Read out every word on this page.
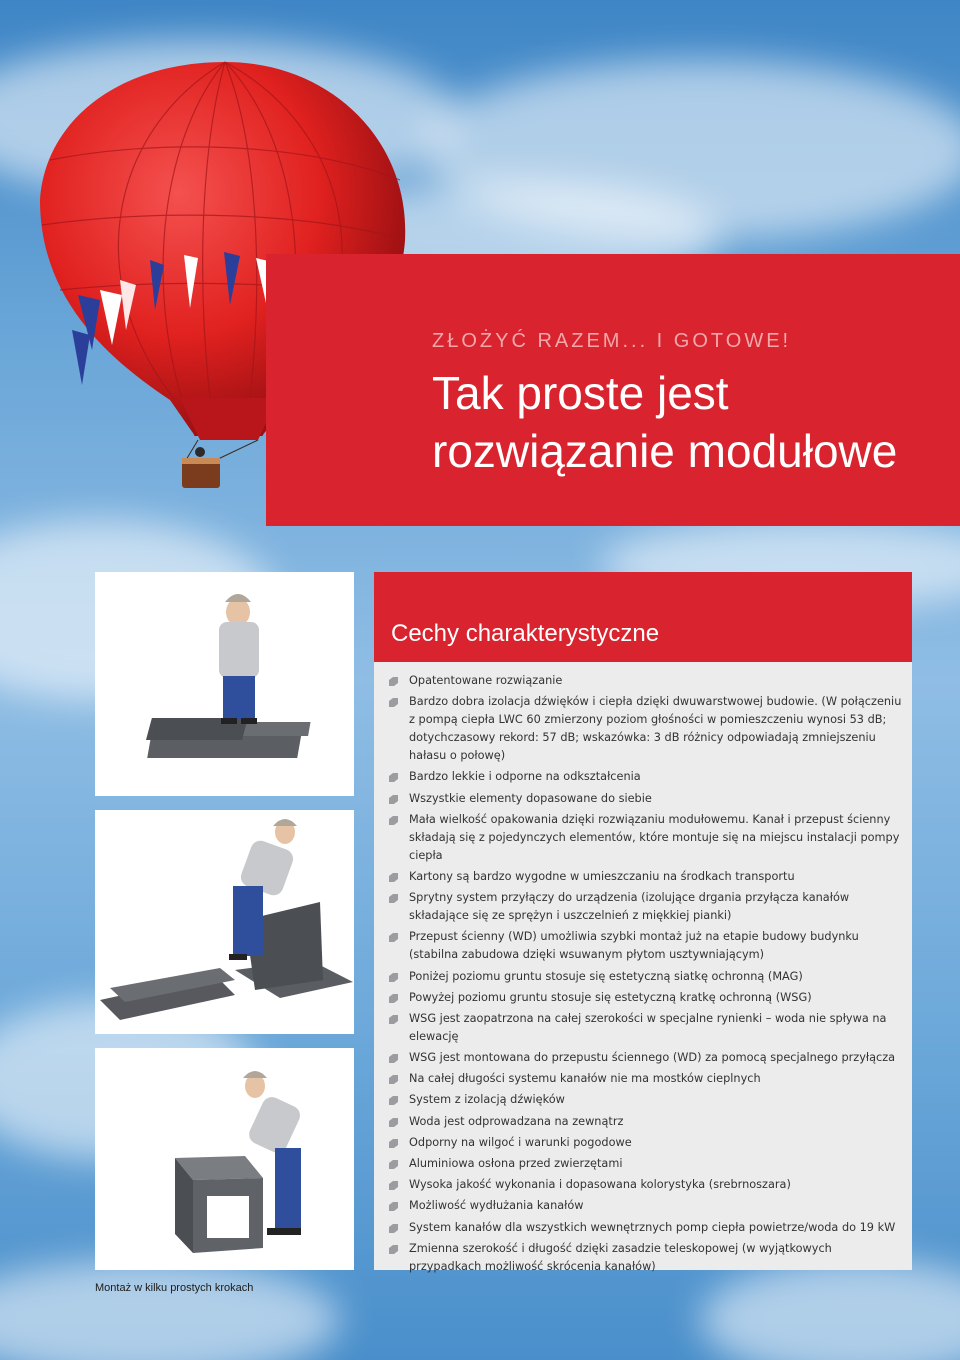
ZŁOŻYĆ RAZEM... I GOTOWE!
Tak proste jest
rozwiązanie modułowe
Montaż w kilku prostych krokach
Cechy charakterystyczne
Opatentowane rozwiązanie
Bardzo dobra izolacja dźwięków i ciepła dzięki dwuwarstwowej budowie. (W połączeniu z pompą ciepła LWC 60 zmierzony poziom głośności w pomieszczeniu wynosi 53 dB; dotychczasowy rekord: 57 dB; wskazówka: 3 dB różnicy odpowiadają zmniejszeniu hałasu o połowę)
Bardzo lekkie i odporne na odkształcenia
Wszystkie elementy dopasowane do siebie
Mała wielkość opakowania dzięki rozwiązaniu modułowemu. Kanał i przepust ścienny składają się z pojedynczych elementów, które montuje się na miejscu instalacji pompy ciepła
Kartony są bardzo wygodne w umieszczaniu na środkach transportu
Sprytny system przyłączy do urządzenia (izolujące drgania przyłącza kanałów składające się ze sprężyn i uszczelnień z miękkiej pianki)
Przepust ścienny (WD) umożliwia szybki montaż już na etapie budowy budynku (stabilna zabudowa dzięki wsuwanym płytom usztywniającym)
Poniżej poziomu gruntu stosuje się estetyczną siatkę ochronną (MAG)
Powyżej poziomu gruntu stosuje się estetyczną kratkę ochronną (WSG)
WSG jest zaopatrzona na całej szerokości w specjalne rynienki – woda nie spływa na elewację
WSG jest montowana do przepustu ściennego (WD) za pomocą specjalnego przyłącza
Na całej długości systemu kanałów nie ma mostków cieplnych
System z izolacją dźwięków
Woda jest odprowadzana na zewnątrz
Odporny na wilgoć i warunki pogodowe
Aluminiowa osłona przed zwierzętami
Wysoka jakość wykonania i dopasowana kolorystyka (srebrnoszara)
Możliwość wydłużania kanałów
System kanałów dla wszystkich wewnętrznych pomp ciepła powietrze/woda do 19 kW
Zmienna szerokość i długość dzięki zasadzie teleskopowej (w wyjątkowych przypadkach możliwość skrócenia kanałów)
